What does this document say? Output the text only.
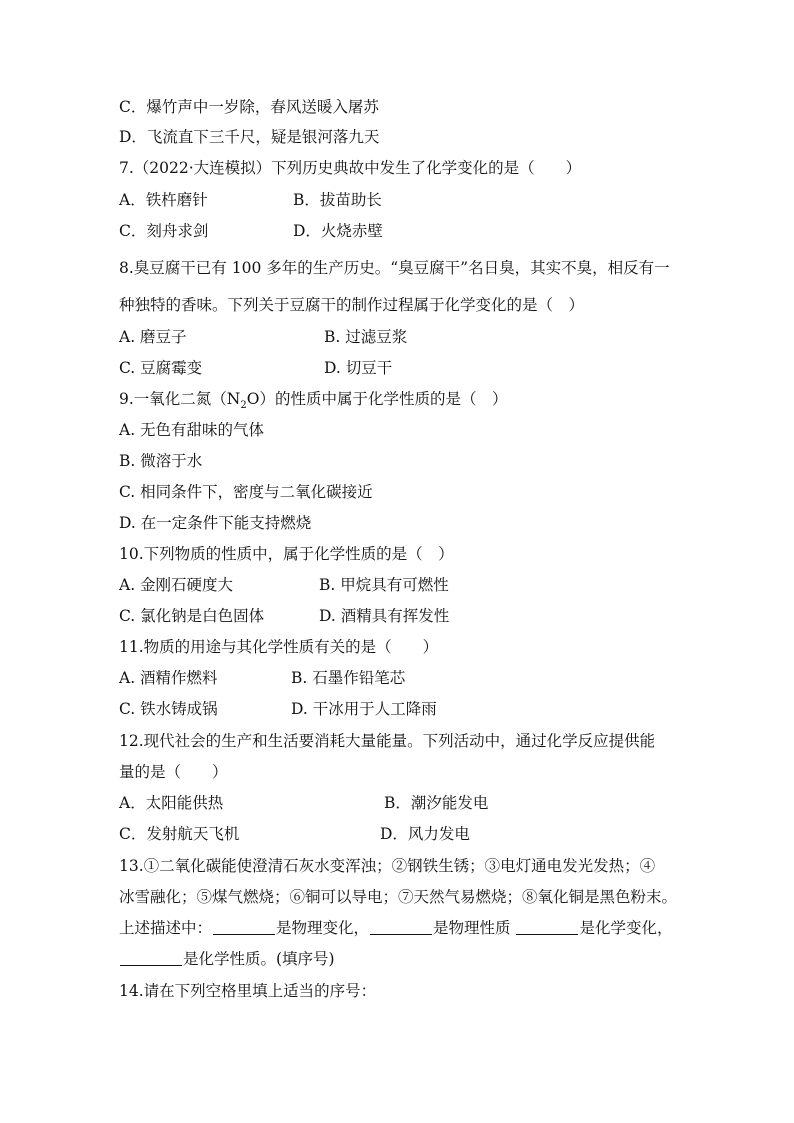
C．爆竹声中一岁除，春风送暖入屠苏
D．飞流直下三千尺，疑是银河落九天
7.（2022·大连模拟）下列历史典故中发生了化学变化的是（　　）
A．铁杵磨针	B．拔苗助长
C．刻舟求剑	D．火烧赤壁
8.臭豆腐干已有 100 多年的生产历史。“臭豆腐干”名日臭，其实不臭，相反有一
种独特的香味。下列关于豆腐干的制作过程属于化学变化的是（　）
A. 磨豆子	B. 过滤豆浆
C. 豆腐霉变	D. 切豆干
9.一氧化二氮$(N_2O)$的性质中属于化学性质的是（　）
A. 无色有甜味的气体
B. 微溶于水
C. 相同条件下，密度与二氧化碳接近
D. 在一定条件下能支持燃烧
10.下列物质的性质中，属于化学性质的是（　）
A. 金刚石硬度大	B. 甲烷具有可燃性
C. 氯化钠是白色固体	D. 酒精具有挥发性
11.物质的用途与其化学性质有关的是（　　）
A. 酒精作燃料	B. 石墨作铅笔芯
C. 铁水铸成锅	D. 干冰用于人工降雨
12.现代社会的生产和生活要消耗大量能量。下列活动中，通过化学反应提供能
量的是（　　）
A．太阳能供热	B．潮汐能发电
C．发射航天飞机	D．风力发电
13.①二氧化碳能使澄清石灰水变浑浊；②钢铁生锈；③电灯通电发光发热；④
冰雪融化；⑤煤气燃烧；⑥铜可以导电；⑦天然气易燃烧；⑧氧化铜是黑色粉末。
上述描述中：	是物理变化，	是物理性质	是化学变化，
是化学性质。(填序号)
14.请在下列空格里填上适当的序号：
